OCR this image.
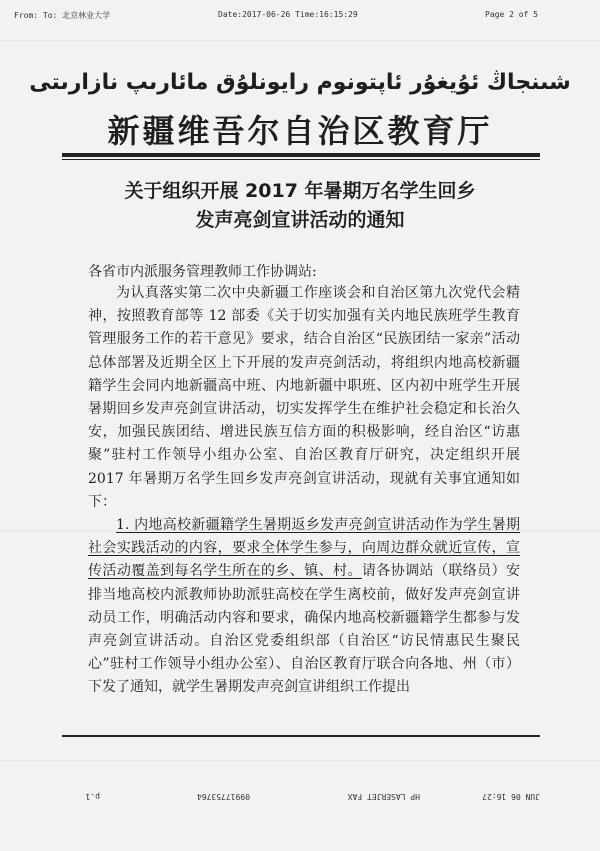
From: To: 北京林业大学	Date:2017-06-26 Time:16:15:29	Page 2 of 5
شىنجاڭ ئۇيغۇر ئاپتونوم رايونلۇق مائارىپ نازارىتى
新疆维吾尔自治区教育厅
关于组织开展 2017 年暑期万名学生回乡
发声亮剑宣讲活动的通知
各省市内派服务管理教师工作协调站:

为认真落实第二次中央新疆工作座谈会和自治区第九次党代会精神，按照教育部等 12 部委《关于切实加强有关内地民族班学生教育管理服务工作的若干意见》要求，结合自治区“民族团结一家亲”活动总体部署及近期全区上下开展的发声亮剑活动，将组织内地高校新疆籍学生会同内地新疆高中班、内地新疆中职班、区内初中班学生开展暑期回乡发声亮剑宣讲活动，切实发挥学生在维护社会稳定和长治久安，加强民族团结、增进民族互信方面的积极影响，经自治区“访惠聚”驻村工作领导小组办公室、自治区教育厅研究，决定组织开展 2017 年暑期万名学生回乡发声亮剑宣讲活动，现就有关事宜通知如下：

1. 内地高校新疆籍学生暑期返乡发声亮剑宣讲活动作为学生暑期社会实践活动的内容，要求全体学生参与，向周边群众就近宣传，宣传活动覆盖到每名学生所在的乡、镇、村。请各协调站（联络员）安排当地高校内派教师协助派驻高校在学生离校前，做好发声亮剑宣讲动员工作，明确活动内容和要求，确保内地高校新疆籍学生都参与发声亮剑宣讲活动。自治区党委组织部（自治区“访民情惠民生聚民心”驻村工作领导小组办公室）、自治区教育厅联合向各地、州（市）下发了通知，就学生暑期发声亮剑宣讲组织工作提出

JUN 06 16:27
HP LASERJET FAX
09917753764
p.1
